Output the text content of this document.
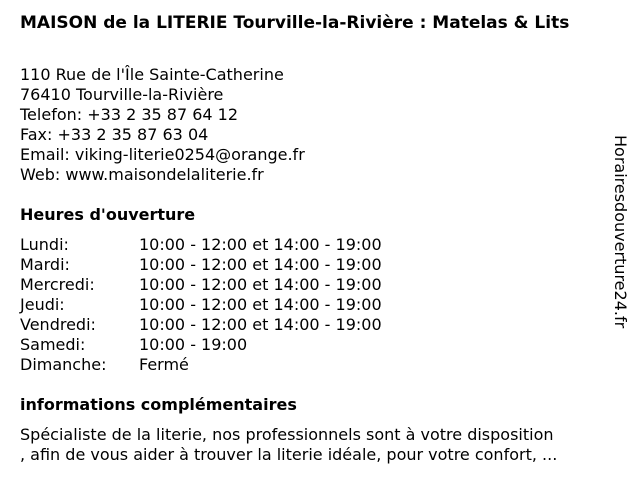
MAISON de la LITERIE Tourville-la-Rivière : Matelas & Lits
110 Rue de l'Île Sainte-Catherine
76410 Tourville-la-Rivière
Telefon: +33 2 35 87 64 12
Fax: +33 2 35 87 63 04
Email: viking-literie0254@orange.fr
Web: www.maisondelaliterie.fr
Heures d'ouverture
Lundi:	10:00 - 12:00 et 14:00 - 19:00
Mardi:	10:00 - 12:00 et 14:00 - 19:00
Mercredi:	10:00 - 12:00 et 14:00 - 19:00
Jeudi:	10:00 - 12:00 et 14:00 - 19:00
Vendredi:	10:00 - 12:00 et 14:00 - 19:00
Samedi:	10:00 - 19:00
Dimanche:	Fermé
informations complémentaires
Spécialiste de la literie, nos professionnels sont à votre disposition
, afin de vous aider à trouver la literie idéale, pour votre confort, ...
Horairesdouverture24.fr
